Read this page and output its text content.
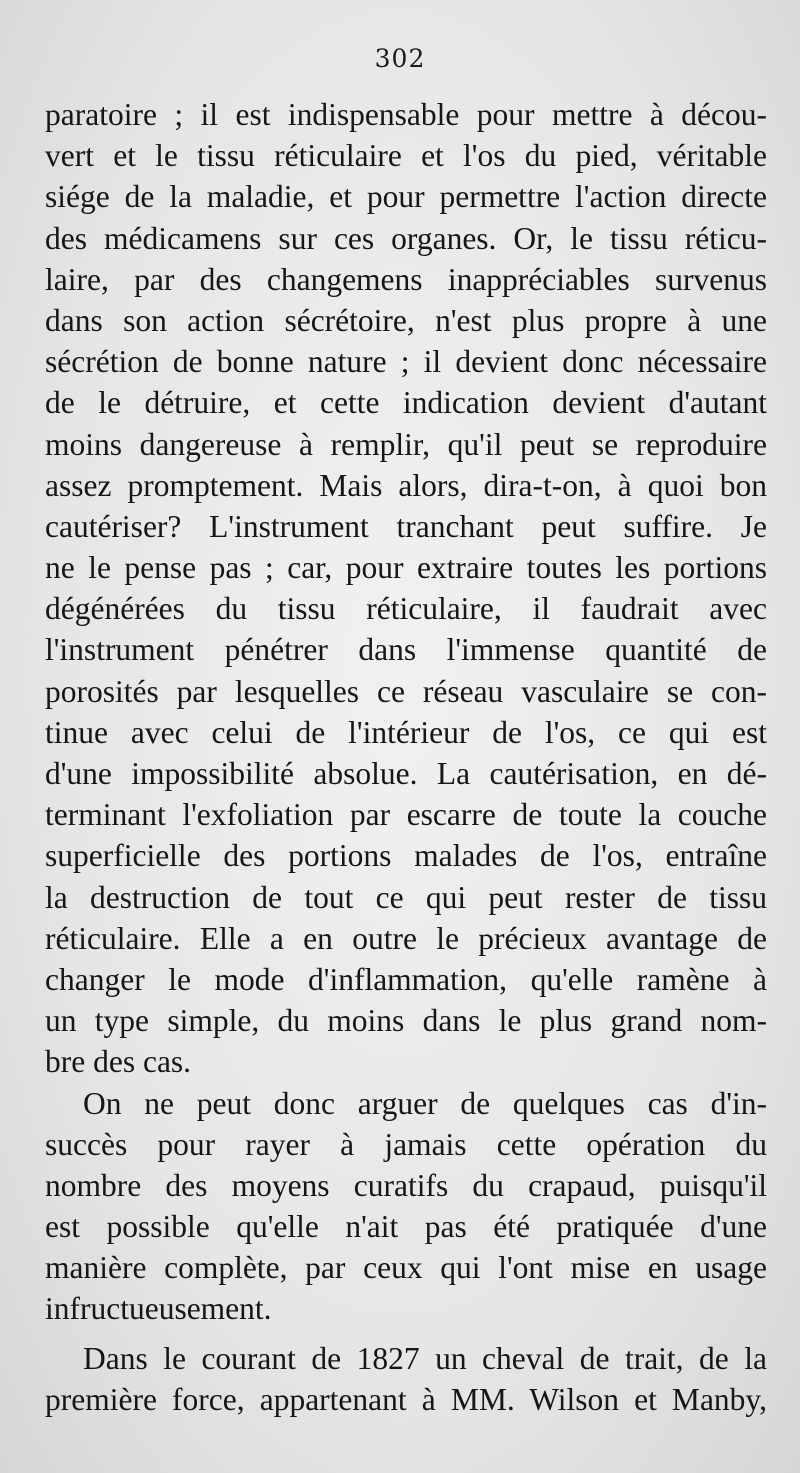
302
paratoire ; il est indispensable pour mettre à décou-
vert et le tissu réticulaire et l'os du pied, véritable
siége de la maladie, et pour permettre l'action directe
des médicamens sur ces organes. Or, le tissu réticu-
laire, par des changemens inappréciables survenus
dans son action sécrétoire, n'est plus propre à une
sécrétion de bonne nature ; il devient donc nécessaire
de le détruire, et cette indication devient d'autant
moins dangereuse à remplir, qu'il peut se reproduire
assez promptement. Mais alors, dira-t-on, à quoi bon
cautériser? L'instrument tranchant peut suffire. Je
ne le pense pas ; car, pour extraire toutes les portions
dégénérées du tissu réticulaire, il faudrait avec
l'instrument pénétrer dans l'immense quantité de
porosités par lesquelles ce réseau vasculaire se con-
tinue avec celui de l'intérieur de l'os, ce qui est
d'une impossibilité absolue. La cautérisation, en dé-
terminant l'exfoliation par escarre de toute la couche
superficielle des portions malades de l'os, entraîne
la destruction de tout ce qui peut rester de tissu
réticulaire. Elle a en outre le précieux avantage de
changer le mode d'inflammation, qu'elle ramène à
un type simple, du moins dans le plus grand nom-
bre des cas.
On ne peut donc arguer de quelques cas d'in-
succès pour rayer à jamais cette opération du
nombre des moyens curatifs du crapaud, puisqu'il
est possible qu'elle n'ait pas été pratiquée d'une
manière complète, par ceux qui l'ont mise en usage
infructueusement.
Dans le courant de 1827 un cheval de trait, de la
première force, appartenant à MM. Wilson et Manby,
